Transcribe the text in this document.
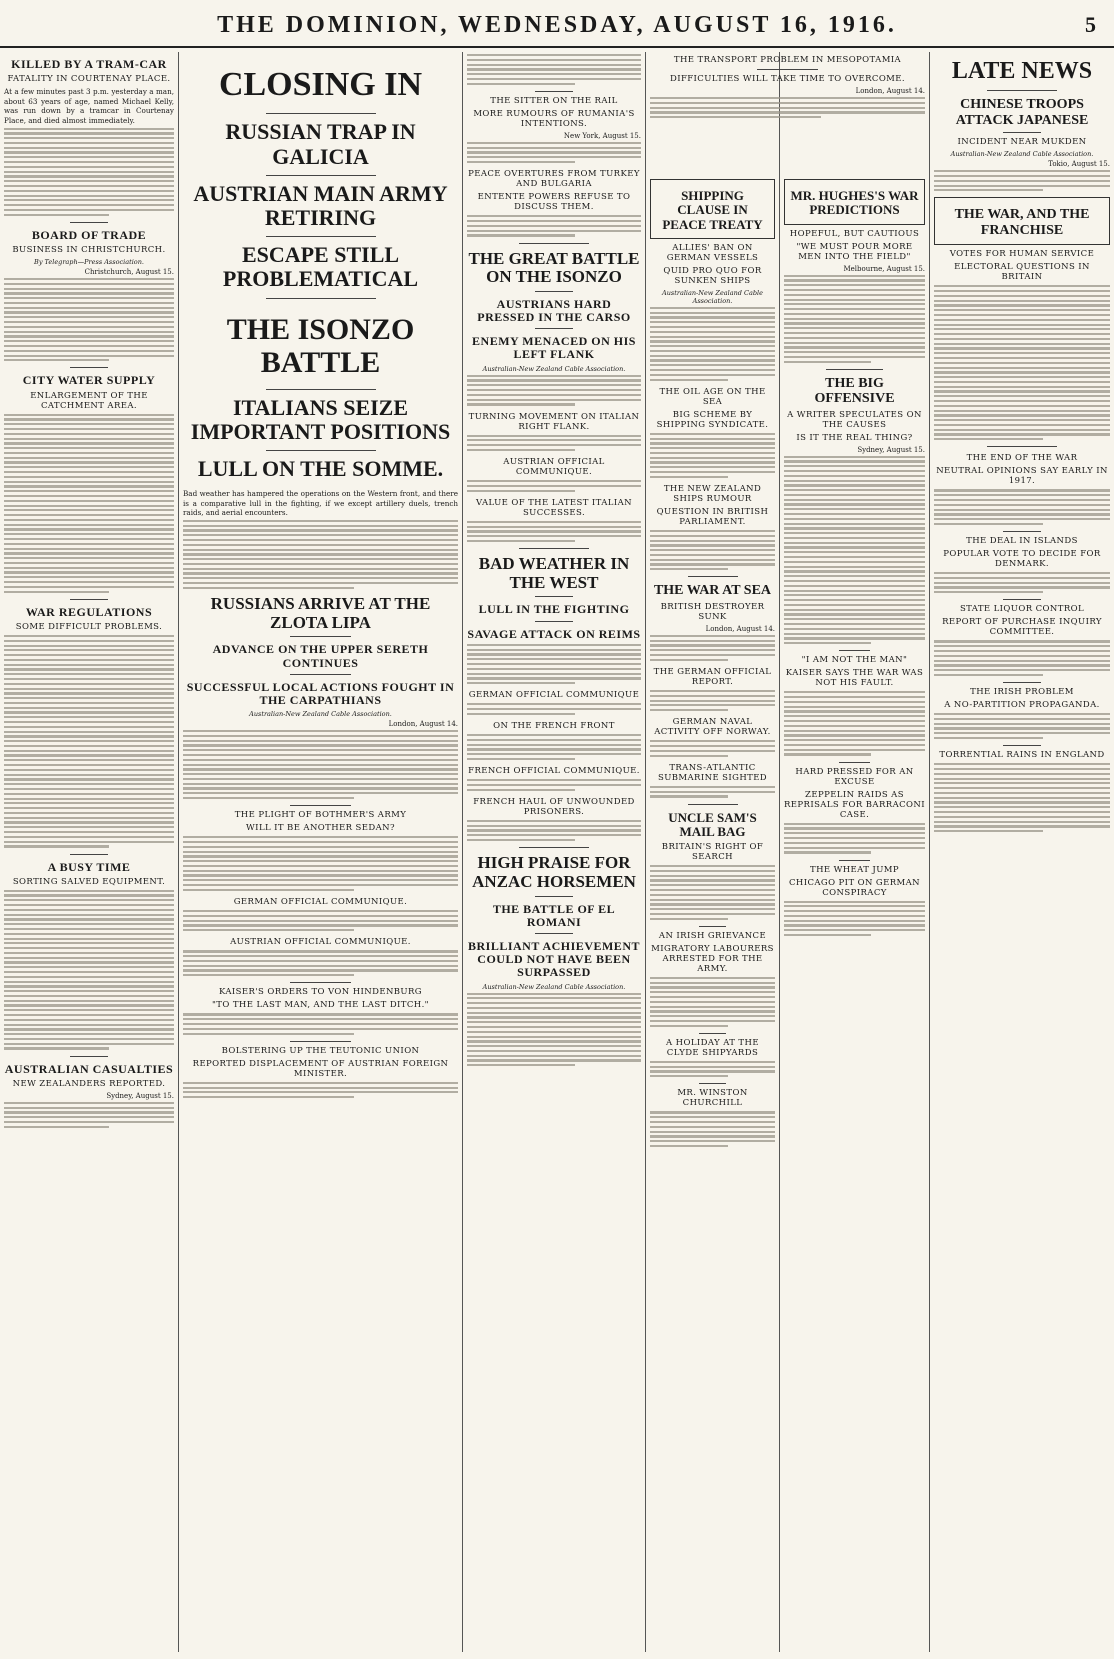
THE DOMINION, WEDNESDAY, AUGUST 16, 1916.	5
KILLED BY A TRAM-CAR
FATALITY IN COURTENAY PLACE.

At a few minutes past 3 p.m. yesterday a man, about 63 years of age, named Michael Kelly, was run down by a tramcar in Courtenay Place, and died almost immediately.

BOARD OF TRADE
BUSINESS IN CHRISTCHURCH.
By Telegraph—Press Association.
Christchurch, August 15.
CITY WATER SUPPLY
ENLARGEMENT OF THE CATCHMENT AREA.
WAR REGULATIONS
SOME DIFFICULT PROBLEMS.
A BUSY TIME
SORTING SALVED EQUIPMENT.
AUSTRALIAN CASUALTIES
NEW ZEALANDERS REPORTED.
Sydney, August 15.
CLOSING IN
RUSSIAN TRAP IN GALICIA
AUSTRIAN MAIN ARMY RETIRING
ESCAPE STILL PROBLEMATICAL
THE ISONZO BATTLE
ITALIANS SEIZE IMPORTANT POSITIONS
LULL ON THE SOMME.

Bad weather has hampered the operations on the Western front, and there is a comparative lull in the fighting, if we except artillery duels, trench raids, and aerial encounters.

RUSSIANS ARRIVE AT THE ZLOTA LIPA
ADVANCE ON THE UPPER SERETH CONTINUES
SUCCESSFUL LOCAL ACTIONS FOUGHT IN THE CARPATHIANS
Australian-New Zealand Cable Association.
London, August 14.
THE PLIGHT OF BOTHMER'S ARMY
WILL IT BE ANOTHER SEDAN?
GERMAN OFFICIAL COMMUNIQUE.
AUSTRIAN OFFICIAL COMMUNIQUE.
KAISER'S ORDERS TO VON HINDENBURG
"TO THE LAST MAN, AND THE LAST DITCH."
BOLSTERING UP THE TEUTONIC UNION
REPORTED DISPLACEMENT OF AUSTRIAN FOREIGN MINISTER.
THE SITTER ON THE RAIL
MORE RUMOURS OF RUMANIA'S INTENTIONS.
New York, August 15.
PEACE OVERTURES FROM TURKEY AND BULGARIA
ENTENTE POWERS REFUSE TO DISCUSS THEM.
THE GREAT BATTLE ON THE ISONZO
AUSTRIANS HARD PRESSED IN THE CARSO
ENEMY MENACED ON HIS LEFT FLANK
Australian-New Zealand Cable Association.
TURNING MOVEMENT ON ITALIAN RIGHT FLANK.
AUSTRIAN OFFICIAL COMMUNIQUE.
VALUE OF THE LATEST ITALIAN SUCCESSES.
BAD WEATHER IN THE WEST
LULL IN THE FIGHTING
SAVAGE ATTACK ON REIMS
GERMAN OFFICIAL COMMUNIQUE
ON THE FRENCH FRONT
FRENCH OFFICIAL COMMUNIQUE.
FRENCH HAUL OF UNWOUNDED PRISONERS.
HIGH PRAISE FOR ANZAC HORSEMEN
THE BATTLE OF EL ROMANI
BRILLIANT ACHIEVEMENT COULD NOT HAVE BEEN SURPASSED
Australian-New Zealand Cable Association.
THE TRANSPORT PROBLEM IN MESOPOTAMIA
DIFFICULTIES WILL TAKE TIME TO OVERCOME.
London, August 14.
SHIPPING CLAUSE IN PEACE TREATY
ALLIES' BAN ON GERMAN VESSELS
QUID PRO QUO FOR SUNKEN SHIPS
Australian-New Zealand Cable Association.
THE OIL AGE ON THE SEA
BIG SCHEME BY SHIPPING SYNDICATE.
THE NEW ZEALAND SHIPS RUMOUR
QUESTION IN BRITISH PARLIAMENT.
THE WAR AT SEA
BRITISH DESTROYER SUNK
London, August 14.
THE GERMAN OFFICIAL REPORT.
GERMAN NAVAL ACTIVITY OFF NORWAY.
TRANS-ATLANTIC SUBMARINE SIGHTED
UNCLE SAM'S MAIL BAG
BRITAIN'S RIGHT OF SEARCH
AN IRISH GRIEVANCE
MIGRATORY LABOURERS ARRESTED FOR THE ARMY.
A HOLIDAY AT THE CLYDE SHIPYARDS
MR. WINSTON CHURCHILL
MR. HUGHES'S WAR PREDICTIONS
HOPEFUL, BUT CAUTIOUS
"WE MUST POUR MORE MEN INTO THE FIELD"
Melbourne, August 15.
THE BIG OFFENSIVE
A WRITER SPECULATES ON THE CAUSES
IS IT THE REAL THING?
Sydney, August 15.
"I AM NOT THE MAN"
KAISER SAYS THE WAR WAS NOT HIS FAULT.
HARD PRESSED FOR AN EXCUSE
ZEPPELIN RAIDS AS REPRISALS FOR BARRACONI CASE.
THE WHEAT JUMP
CHICAGO PIT ON GERMAN CONSPIRACY
LATE NEWS
CHINESE TROOPS ATTACK JAPANESE
INCIDENT NEAR MUKDEN
Australian-New Zealand Cable Association.
Tokio, August 15.
THE WAR, AND THE FRANCHISE
VOTES FOR HUMAN SERVICE
ELECTORAL QUESTIONS IN BRITAIN
THE END OF THE WAR
NEUTRAL OPINIONS SAY EARLY IN 1917.
THE DEAL IN ISLANDS
POPULAR VOTE TO DECIDE FOR DENMARK.
STATE LIQUOR CONTROL
REPORT OF PURCHASE INQUIRY COMMITTEE.
THE IRISH PROBLEM
A NO-PARTITION PROPAGANDA.
TORRENTIAL RAINS IN ENGLAND
